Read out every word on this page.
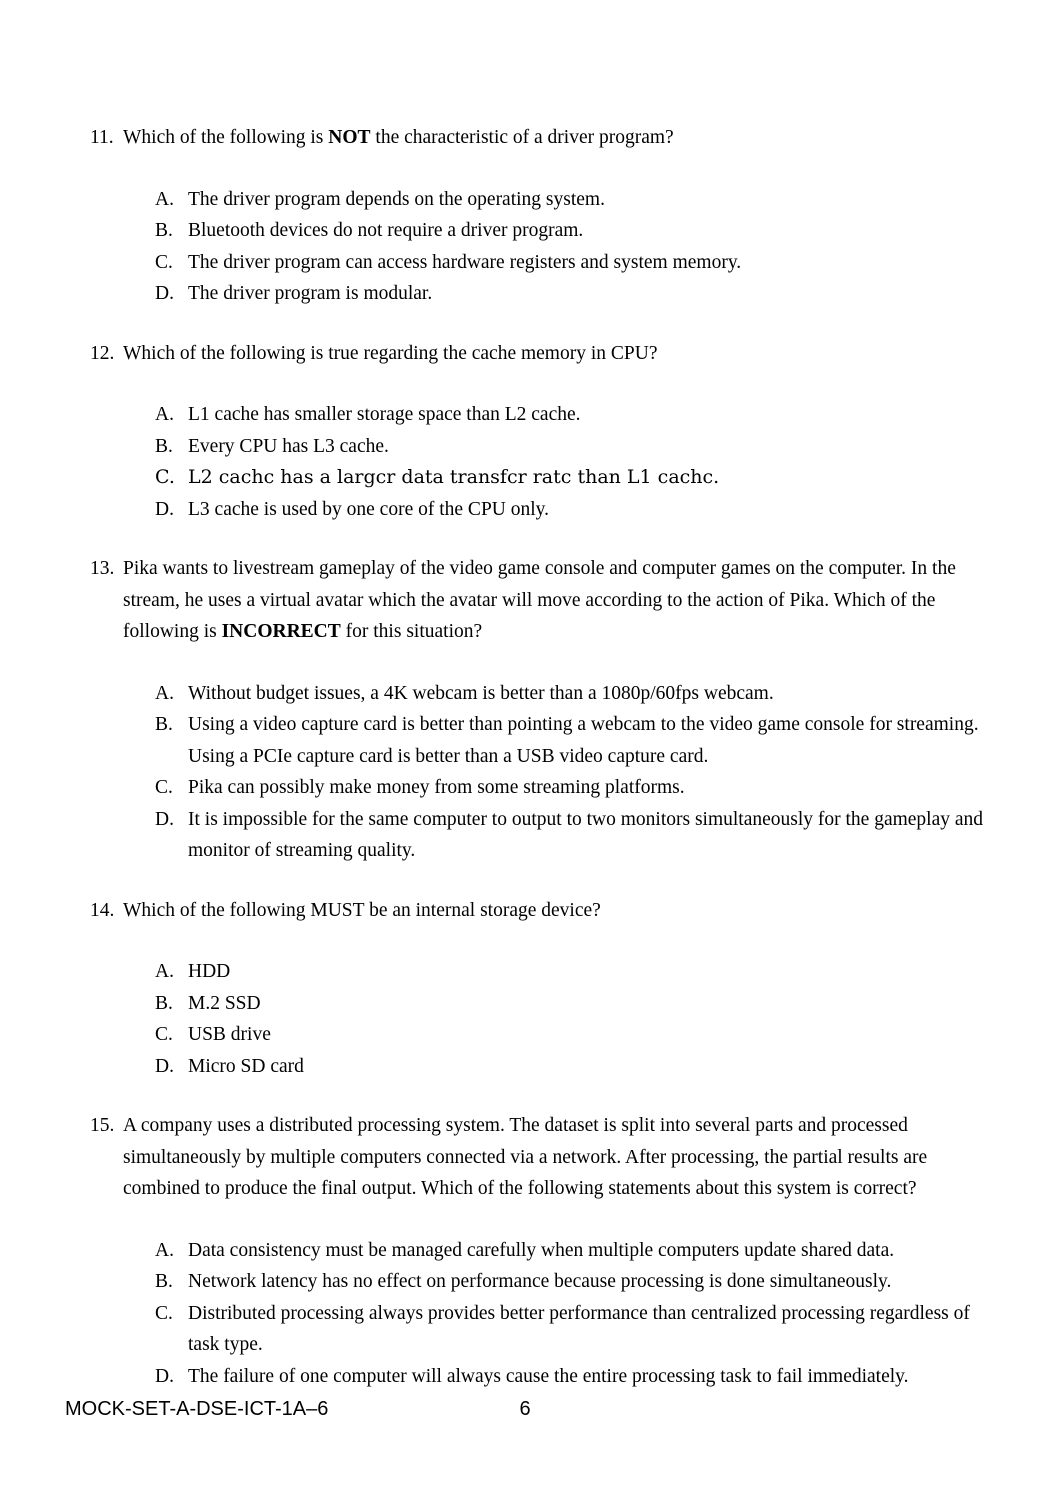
11. Which of the following is NOT the characteristic of a driver program?

A. The driver program depends on the operating system.
B. Bluetooth devices do not require a driver program.
C. The driver program can access hardware registers and system memory.
D. The driver program is modular.
12. Which of the following is true regarding the cache memory in CPU?

A. L1 cache has smaller storage space than L2 cache.
B. Every CPU has L3 cache.
C. L2 cachc has a largcr data transfcr ratc than L1 cachc.
D. L3 cache is used by one core of the CPU only.
13. Pika wants to livestream gameplay of the video game console and computer games on the computer. In the stream, he uses a virtual avatar which the avatar will move according to the action of Pika. Which of the following is INCORRECT for this situation?

A. Without budget issues, a 4K webcam is better than a 1080p/60fps webcam.
B. Using a video capture card is better than pointing a webcam to the video game console for streaming. Using a PCIe capture card is better than a USB video capture card.
C. Pika can possibly make money from some streaming platforms.
D. It is impossible for the same computer to output to two monitors simultaneously for the gameplay and monitor of streaming quality.
14. Which of the following MUST be an internal storage device?

A. HDD
B. M.2 SSD
C. USB drive
D. Micro SD card
15. A company uses a distributed processing system. The dataset is split into several parts and processed simultaneously by multiple computers connected via a network. After processing, the partial results are combined to produce the final output. Which of the following statements about this system is correct?

A. Data consistency must be managed carefully when multiple computers update shared data.
B. Network latency has no effect on performance because processing is done simultaneously.
C. Distributed processing always provides better performance than centralized processing regardless of task type.
D. The failure of one computer will always cause the entire processing task to fail immediately.
MOCK-SET-A-DSE-ICT-1A–6	6
